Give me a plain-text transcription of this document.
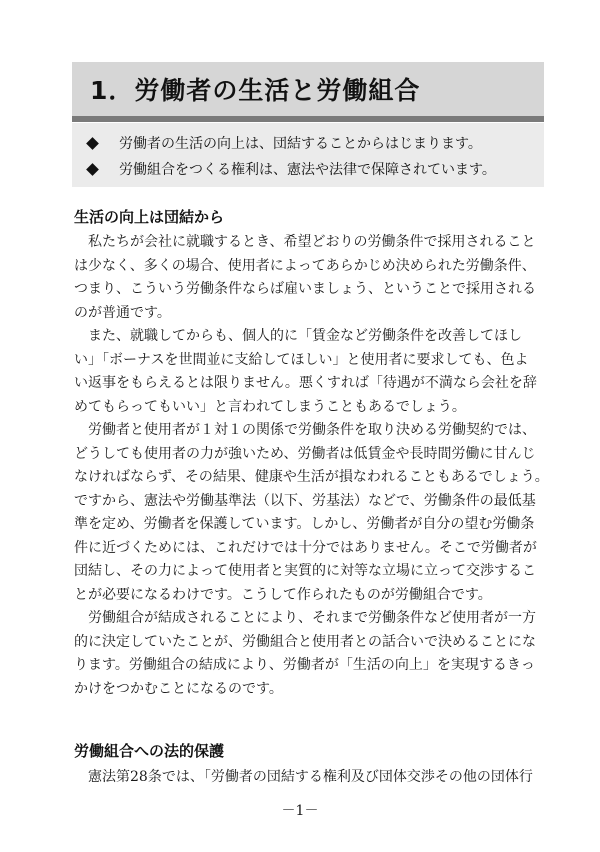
1．労働者の生活と労働組合
労働者の生活の向上は、団結することからはじまります。
労働組合をつくる権利は、憲法や法律で保障されています。
生活の向上は団結から

私たちが会社に就職するとき、希望どおりの労働条件で採用されること
は少なく、多くの場合、使用者によってあらかじめ決められた労働条件、
つまり、こういう労働条件ならば雇いましょう、ということで採用される
のが普通です。

また、就職してからも、個人的に「賃金など労働条件を改善してほし
い」「ボーナスを世間並に支給してほしい」と使用者に要求しても、色よ
い返事をもらえるとは限りません。悪くすれば「待遇が不満なら会社を辞
めてもらってもいい」と言われてしまうこともあるでしょう。

労働者と使用者が１対１の関係で労働条件を取り決める労働契約では、
どうしても使用者の力が強いため、労働者は低賃金や長時間労働に甘んじ
なければならず、その結果、健康や生活が損なわれることもあるでしょう。
ですから、憲法や労働基準法（以下、労基法）などで、労働条件の最低基
準を定め、労働者を保護しています。しかし、労働者が自分の望む労働条
件に近づくためには、これだけでは十分ではありません。そこで労働者が
団結し、その力によって使用者と実質的に対等な立場に立って交渉するこ
とが必要になるわけです。こうして作られたものが労働組合です。

労働組合が結成されることにより、それまで労働条件など使用者が一方
的に決定していたことが、労働組合と使用者との話合いで決めることにな
ります。労働組合の結成により、労働者が「生活の向上」を実現するきっ
かけをつかむことになるのです。

労働組合への法的保護

憲法第28条では、「労働者の団結する権利及び団体交渉その他の団体行

－1－
